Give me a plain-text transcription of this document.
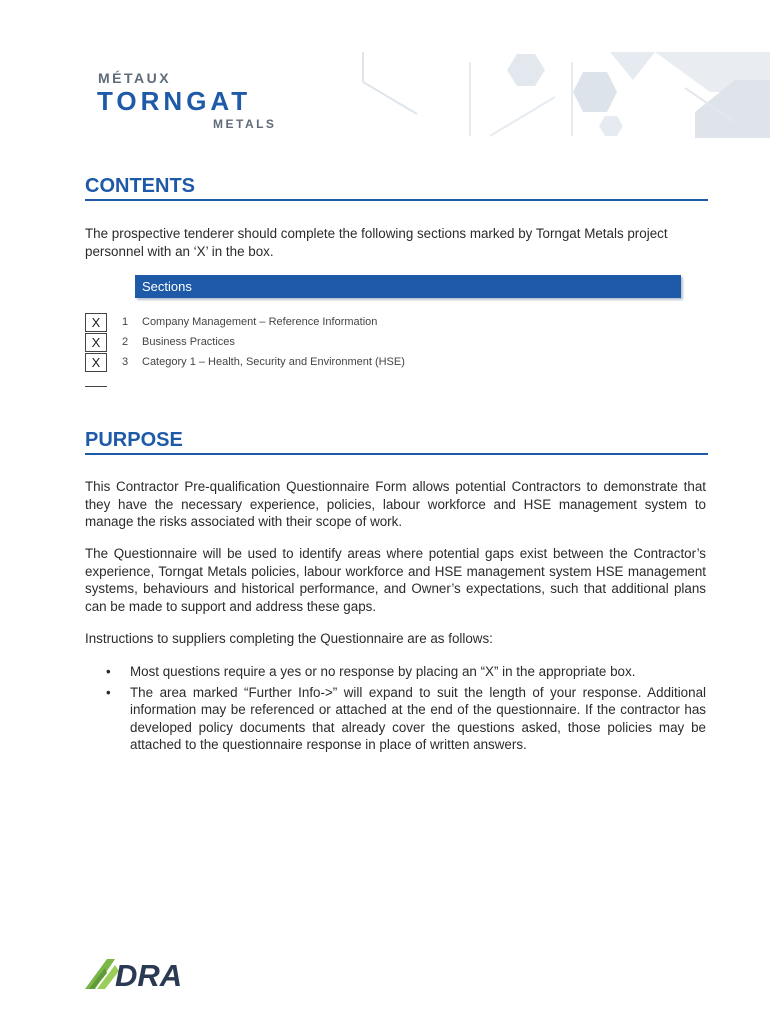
MÉTAUX
TORNGAT
METALS
CONTENTS
The prospective tenderer should complete the following sections marked by Torngat Metals project personnel with an ‘X’ in the box.
Sections
X	1 Company Management – Reference Information
X	2 Business Practices
X	3 Category 1 – Health, Security and Environment (HSE)
PURPOSE
This Contractor Pre-qualification Questionnaire Form allows potential Contractors to demonstrate that they have the necessary experience, policies, labour workforce and HSE management system to manage the risks associated with their scope of work.
The Questionnaire will be used to identify areas where potential gaps exist between the Contractor’s experience, Torngat Metals policies, labour workforce and HSE management system HSE management systems, behaviours and historical performance, and Owner’s expectations, such that additional plans can be made to support and address these gaps.
Instructions to suppliers completing the Questionnaire are as follows:
• Most questions require a yes or no response by placing an “X” in the appropriate box.
• The area marked “Further Info->” will expand to suit the length of your response. Additional information may be referenced or attached at the end of the questionnaire. If the contractor has developed policy documents that already cover the questions asked, those policies may be attached to the questionnaire response in place of written answers.
DRA
